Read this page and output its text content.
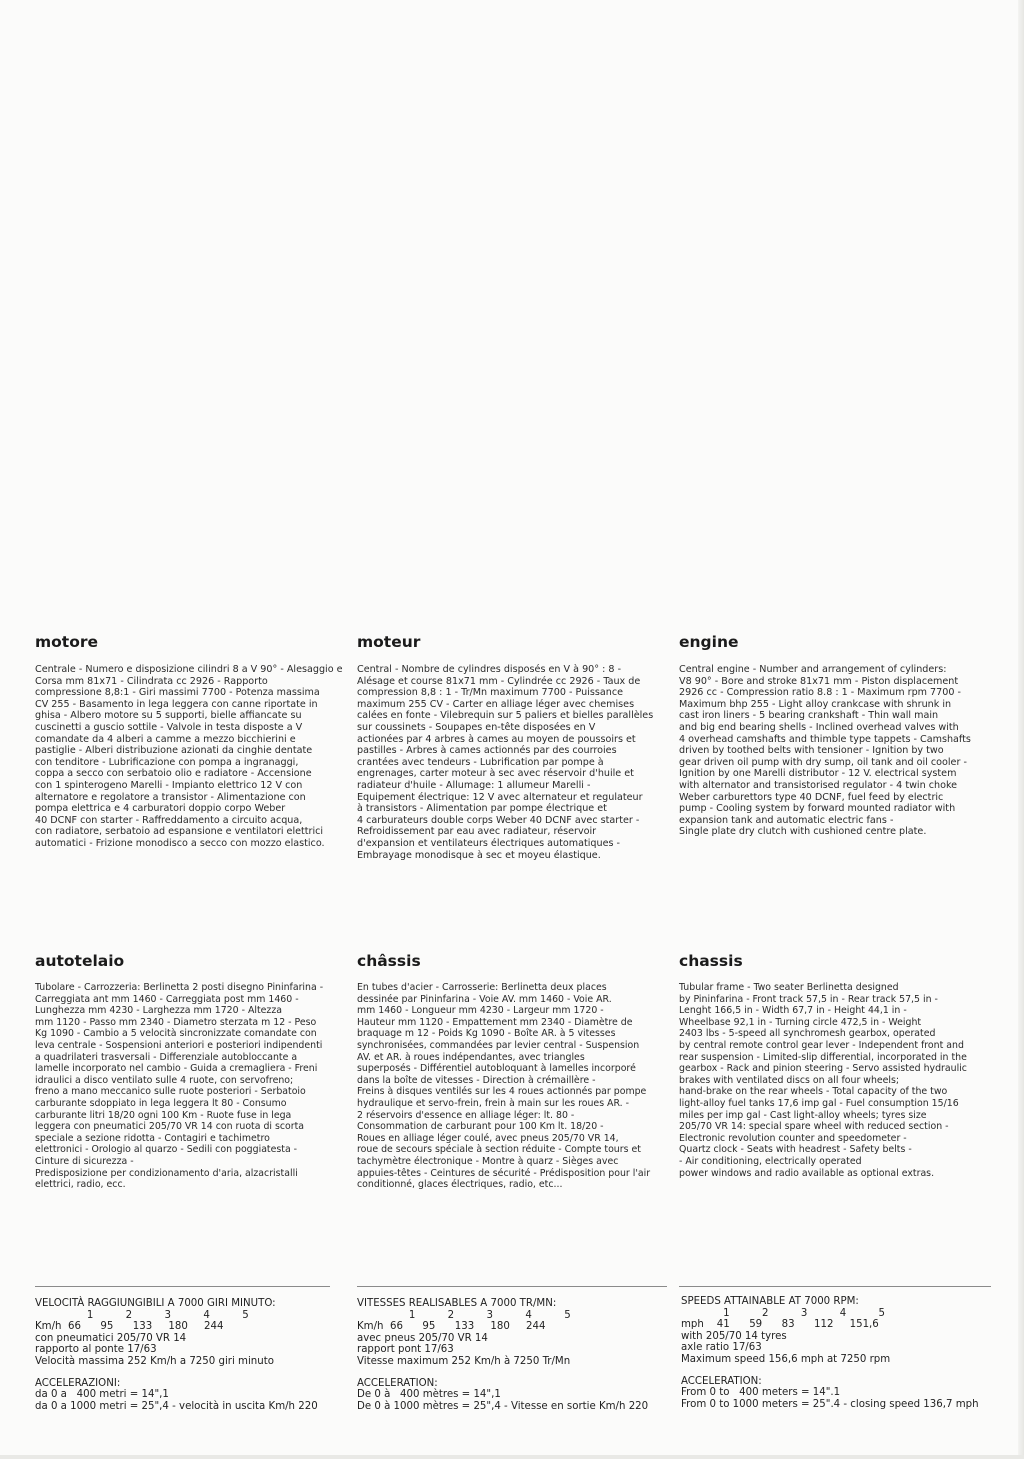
motore

Centrale - Numero e disposizione cilindri 8 a V 90° - Alesaggio e
Corsa mm 81x71 - Cilindrata cc 2926 - Rapporto
compressione 8,8:1 - Giri massimi 7700 - Potenza massima
CV 255 - Basamento in lega leggera con canne riportate in
ghisa - Albero motore su 5 supporti, bielle affiancate su
cuscinetti a guscio sottile - Valvole in testa disposte a V
comandate da 4 alberi a camme a mezzo bicchierini e
pastiglie - Alberi distribuzione azionati da cinghie dentate
con tenditore - Lubrificazione con pompa a ingranaggi,
coppa a secco con serbatoio olio e radiatore - Accensione
con 1 spinterogeno Marelli - Impianto elettrico 12 V con
alternatore e regolatore a transistor - Alimentazione con
pompa elettrica e 4 carburatori doppio corpo Weber
40 DCNF con starter - Raffreddamento a circuito acqua,
con radiatore, serbatoio ad espansione e ventilatori elettrici
automatici - Frizione monodisco a secco con mozzo elastico.

moteur

Central - Nombre de cylindres disposés en V à 90° : 8 -
Alésage et course 81x71 mm - Cylindrée cc 2926 - Taux de
compression 8,8 : 1 - Tr/Mn maximum 7700 - Puissance
maximum 255 CV - Carter en alliage léger avec chemises
calées en fonte - Vilebrequin sur 5 paliers et bielles parallèles
sur coussinets - Soupapes en-tête disposées en V
actionées par 4 arbres à cames au moyen de poussoirs et
pastilles - Arbres à cames actionnés par des courroies
crantées avec tendeurs - Lubrification par pompe à
engrenages, carter moteur à sec avec réservoir d'huile et
radiateur d'huile - Allumage: 1 allumeur Marelli -
Equipement électrique: 12 V avec alternateur et regulateur
à transistors - Alimentation par pompe électrique et
4 carburateurs double corps Weber 40 DCNF avec starter -
Refroidissement par eau avec radiateur, réservoir
d'expansion et ventilateurs électriques automatiques -
Embrayage monodisque à sec et moyeu élastique.

engine

Central engine - Number and arrangement of cylinders:
V8 90° - Bore and stroke 81x71 mm - Piston displacement
2926 cc - Compression ratio 8.8 : 1 - Maximum rpm 7700 -
Maximum bhp 255 - Light alloy crankcase with shrunk in
cast iron liners - 5 bearing crankshaft - Thin wall main
and big end bearing shells - Inclined overhead valves with
4 overhead camshafts and thimble type tappets - Camshafts
driven by toothed belts with tensioner - Ignition by two
gear driven oil pump with dry sump, oil tank and oil cooler -
Ignition by one Marelli distributor - 12 V. electrical system
with alternator and transistorised regulator - 4 twin choke
Weber carburettors type 40 DCNF, fuel feed by electric
pump - Cooling system by forward mounted radiator with
expansion tank and automatic electric fans -
Single plate dry clutch with cushioned centre plate.

autotelaio

Tubolare - Carrozzeria: Berlinetta 2 posti disegno Pininfarina -
Carreggiata ant mm 1460 - Carreggiata post mm 1460 -
Lunghezza mm 4230 - Larghezza mm 1720 - Altezza
mm 1120 - Passo mm 2340 - Diametro sterzata m 12 - Peso
Kg 1090 - Cambio a 5 velocità sincronizzate comandate con
leva centrale - Sospensioni anteriori e posteriori indipendenti
a quadrilateri trasversali - Differenziale autobloccante a
lamelle incorporato nel cambio - Guida a cremagliera - Freni
idraulici a disco ventilato sulle 4 ruote, con servofreno;
freno a mano meccanico sulle ruote posteriori - Serbatoio
carburante sdoppiato in lega leggera lt 80 - Consumo
carburante litri 18/20 ogni 100 Km - Ruote fuse in lega
leggera con pneumatici 205/70 VR 14 con ruota di scorta
speciale a sezione ridotta - Contagiri e tachimetro
elettronici - Orologio al quarzo - Sedili con poggiatesta -
Cinture di sicurezza -
Predisposizione per condizionamento d'aria, alzacristalli
elettrici, radio, ecc.

châssis

En tubes d'acier - Carrosserie: Berlinetta deux places
dessinée par Pininfarina - Voie AV. mm 1460 - Voie AR.
mm 1460 - Longueur mm 4230 - Largeur mm 1720 -
Hauteur mm 1120 - Empattement mm 2340 - Diamètre de
braquage m 12 - Poids Kg 1090 - Boîte AR. à 5 vitesses
synchronisées, commandées par levier central - Suspension
AV. et AR. à roues indépendantes, avec triangles
superposés - Différentiel autobloquant à lamelles incorporé
dans la boîte de vitesses - Direction à crémaillère -
Freins à disques ventilés sur les 4 roues actionnés par pompe
hydraulique et servo-frein, frein à main sur les roues AR. -
2 réservoirs d'essence en alliage léger: lt. 80 -
Consommation de carburant pour 100 Km lt. 18/20 -
Roues en alliage léger coulé, avec pneus 205/70 VR 14,
roue de secours spéciale à section réduite - Compte tours et
tachymètre électronique - Montre à quarz - Sièges avec
appuies-têtes - Ceintures de sécurité - Prédisposition pour l'air
conditionné, glaces électriques, radio, etc...

chassis

Tubular frame - Two seater Berlinetta designed
by Pininfarina - Front track 57,5 in - Rear track 57,5 in -
Lenght 166,5 in - Width 67,7 in - Height 44,1 in -
Wheelbase 92,1 in - Turning circle 472,5 in - Weight
2403 lbs - 5-speed all synchromesh gearbox, operated
by central remote control gear lever - Independent front and
rear suspension - Limited-slip differential, incorporated in the
gearbox - Rack and pinion steering - Servo assisted hydraulic
brakes with ventilated discs on all four wheels;
hand-brake on the rear wheels - Total capacity of the two
light-alloy fuel tanks 17,6 imp gal - Fuel consumption 15/16
miles per imp gal - Cast light-alloy wheels; tyres size
205/70 VR 14: special spare wheel with reduced section -
Electronic revolution counter and speedometer -
Quartz clock - Seats with headrest - Safety belts -
- Air conditioning, electrically operated
power windows and radio available as optional extras.

VELOCITÀ RAGGIUNGIBILI A 7000 GIRI MINUTO:
1          2          3          4          5
Km/h  66      95      133     180     244
con pneumatici 205/70 VR 14
rapporto al ponte 17/63
Velocità massima 252 Km/h a 7250 giri minuto
ACCELERAZIONI:
da 0 a   400 metri = 14",1
da 0 a 1000 metri = 25",4 - velocità in uscita Km/h 220
VITESSES REALISABLES A 7000 TR/MN:
1          2          3          4          5
Km/h  66      95      133     180     244
avec pneus 205/70 VR 14
rapport pont 17/63
Vitesse maximum 252 Km/h à 7250 Tr/Mn
ACCELERATION:
De 0 à   400 mètres = 14",1
De 0 à 1000 mètres = 25",4 - Vitesse en sortie Km/h 220
SPEEDS ATTAINABLE AT 7000 RPM:
1          2          3          4          5
mph    41      59      83      112     151,6
with 205/70 14 tyres
axle ratio 17/63
Maximum speed 156,6 mph at 7250 rpm
ACCELERATION:
From 0 to   400 meters = 14".1
From 0 to 1000 meters = 25".4 - closing speed 136,7 mph
